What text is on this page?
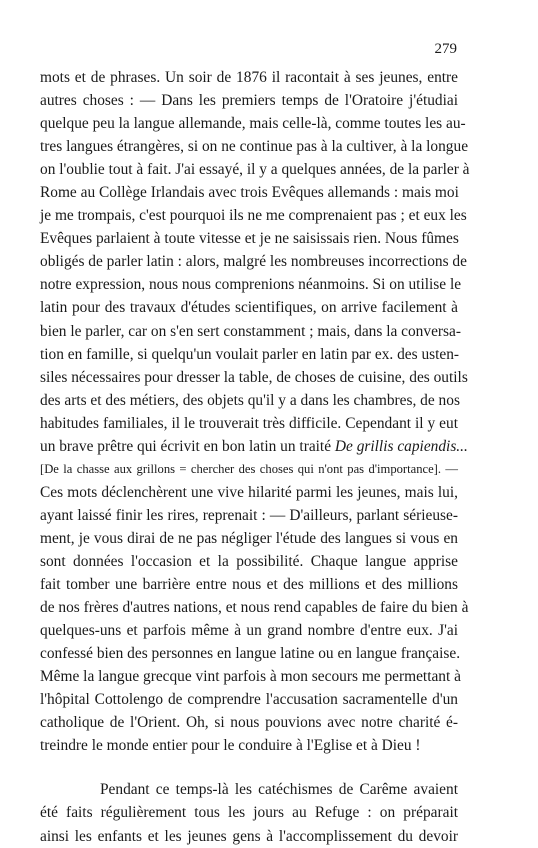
279
mots et de phrases. Un soir de 1876 il racontait à ses jeunes, entre
autres choses : — Dans les premiers temps de l'Oratoire j'étudiai
quelque peu la langue allemande, mais celle-là, comme toutes les au-
tres langues étrangères, si on ne continue pas à la cultiver, à la longue
on l'oublie tout à fait. J'ai essayé, il y a quelques années, de la parler à
Rome au Collège Irlandais avec trois Evêques allemands : mais moi
je me trompais, c'est pourquoi ils ne me comprenaient pas ; et eux les
Evêques parlaient à toute vitesse et je ne saisissais rien. Nous fûmes
obligés de parler latin : alors, malgré les nombreuses incorrections de
notre expression, nous nous comprenions néanmoins. Si on utilise le
latin pour des travaux d'études scientifiques, on arrive facilement à
bien le parler, car on s'en sert constamment ; mais, dans la conversa-
tion en famille, si quelqu'un voulait parler en latin par ex. des usten-
siles nécessaires pour dresser la table, de choses de cuisine, des outils
des arts et des métiers, des objets qu'il y a dans les chambres, de nos
habitudes familiales, il le trouverait très difficile. Cependant il y eut
un brave prêtre qui écrivit en bon latin un traité De grillis capiendis...
[De la chasse aux grillons = chercher des choses qui n'ont pas d'importance]. —
Ces mots déclenchèrent une vive hilarité parmi les jeunes, mais lui,
ayant laissé finir les rires, reprenait : — D'ailleurs, parlant sérieuse-
ment, je vous dirai de ne pas négliger l'étude des langues si vous en
sont données l'occasion et la possibilité. Chaque langue apprise
fait tomber une barrière entre nous et des millions et des millions
de nos frères d'autres nations, et nous rend capables de faire du bien à
quelques-uns et parfois même à un grand nombre d'entre eux. J'ai
confessé bien des personnes en langue latine ou en langue française.
Même la langue grecque vint parfois à mon secours me permettant à
l'hôpital Cottolengo de comprendre l'accusation sacramentelle d'un
catholique de l'Orient. Oh, si nous pouvions avec notre charité é-
treindre le monde entier pour le conduire à l'Eglise et à Dieu !
Pendant ce temps-là les catéchismes de Carême avaient
été faits régulièrement tous les jours au Refuge : on préparait
ainsi les enfants et les jeunes gens à l'accomplissement du devoir
